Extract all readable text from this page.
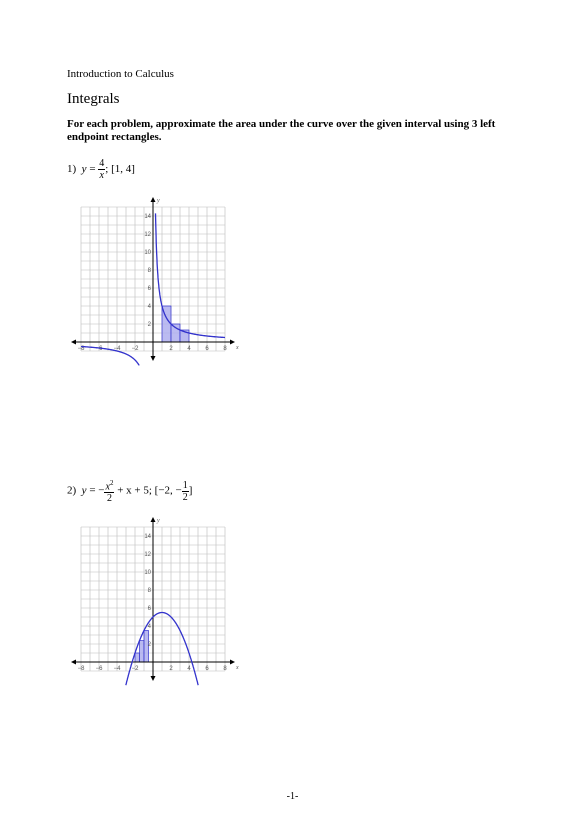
Introduction to Calculus
Integrals
For each problem, approximate the area under the curve over the given interval using 3 left endpoint rectangles.
1) $y = \frac{4}{x}$ ; [1, 4]
2) y = − $\frac{x^2}{2} + x + 5$; [−2, − $\frac{1}{2}$ ]
−8 −6 −4 −2	2 4 6 8
2
4
6
8
10
12
14
x
y
−8 −6 −4 −2	2 4 6 8
2
4
6
8
10
12
14
x
y
-1-
